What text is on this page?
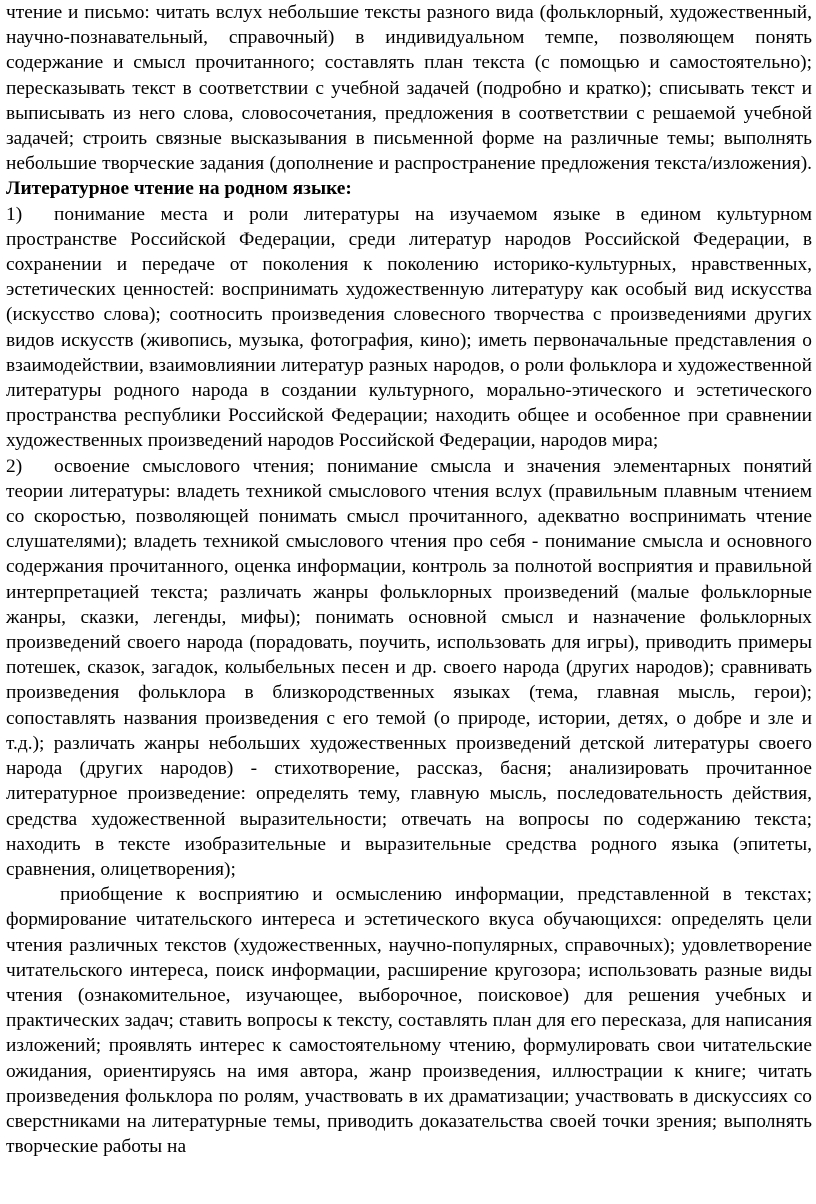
чтение и письмо: читать вслух небольшие тексты разного вида (фольклорный, художественный, научно-познавательный, справочный) в индивидуальном темпе, позволяющем понять содержание и смысл прочитанного; составлять план текста (с помощью и самостоятельно); пересказывать текст в соответствии с учебной задачей (подробно и кратко); списывать текст и выписывать из него слова, словосочетания, предложения в соответствии с решаемой учебной задачей; строить связные высказывания в письменной форме на различные темы; выполнять небольшие творческие задания (дополнение и распространение предложения текста/изложения). Литературное чтение на родном языке:

1) понимание места и роли литературы на изучаемом языке в едином культурном пространстве Российской Федерации, среди литератур народов Российской Федерации, в сохранении и передаче от поколения к поколению историко-культурных, нравственных, эстетических ценностей: воспринимать художественную литературу как особый вид искусства (искусство слова); соотносить произведения словесного творчества с произведениями других видов искусств (живопись, музыка, фотография, кино); иметь первоначальные представления о взаимодействии, взаимовлиянии литератур разных народов, о роли фольклора и художественной литературы родного народа в создании культурного, морально-этического и эстетического пространства республики Российской Федерации; находить общее и особенное при сравнении художественных произведений народов Российской Федерации, народов мира;

2) освоение смыслового чтения; понимание смысла и значения элементарных понятий теории литературы: владеть техникой смыслового чтения вслух (правильным плавным чтением со скоростью, позволяющей понимать смысл прочитанного, адекватно воспринимать чтение слушателями); владеть техникой смыслового чтения про себя - понимание смысла и основного содержания прочитанного, оценка информации, контроль за полнотой восприятия и правильной интерпретацией текста; различать жанры фольклорных произведений (малые фольклорные жанры, сказки, легенды, мифы); понимать основной смысл и назначение фольклорных произведений своего народа (порадовать, поучить, использовать для игры), приводить примеры потешек, сказок, загадок, колыбельных песен и др. своего народа (других народов); сравнивать произведения фольклора в близкородственных языках (тема, главная мысль, герои); сопоставлять названия произведения с его темой (о природе, истории, детях, о добре и зле и т.д.); различать жанры небольших художественных произведений детской литературы своего народа (других народов) - стихотворение, рассказ, басня; анализировать прочитанное литературное произведение: определять тему, главную мысль, последовательность действия, средства художественной выразительности; отвечать на вопросы по содержанию текста; находить в тексте изобразительные и выразительные средства родного языка (эпитеты, сравнения, олицетворения);

приобщение к восприятию и осмыслению информации, представленной в текстах; формирование читательского интереса и эстетического вкуса обучающихся: определять цели чтения различных текстов (художественных, научно-популярных, справочных); удовлетворение читательского интереса, поиск информации, расширение кругозора; использовать разные виды чтения (ознакомительное, изучающее, выборочное, поисковое) для решения учебных и практических задач; ставить вопросы к тексту, составлять план для его пересказа, для написания изложений; проявлять интерес к самостоятельному чтению, формулировать свои читательские ожидания, ориентируясь на имя автора, жанр произведения, иллюстрации к книге; читать произведения фольклора по ролям, участвовать в их драматизации; участвовать в дискуссиях со сверстниками на литературные темы, приводить доказательства своей точки зрения; выполнять творческие работы на
